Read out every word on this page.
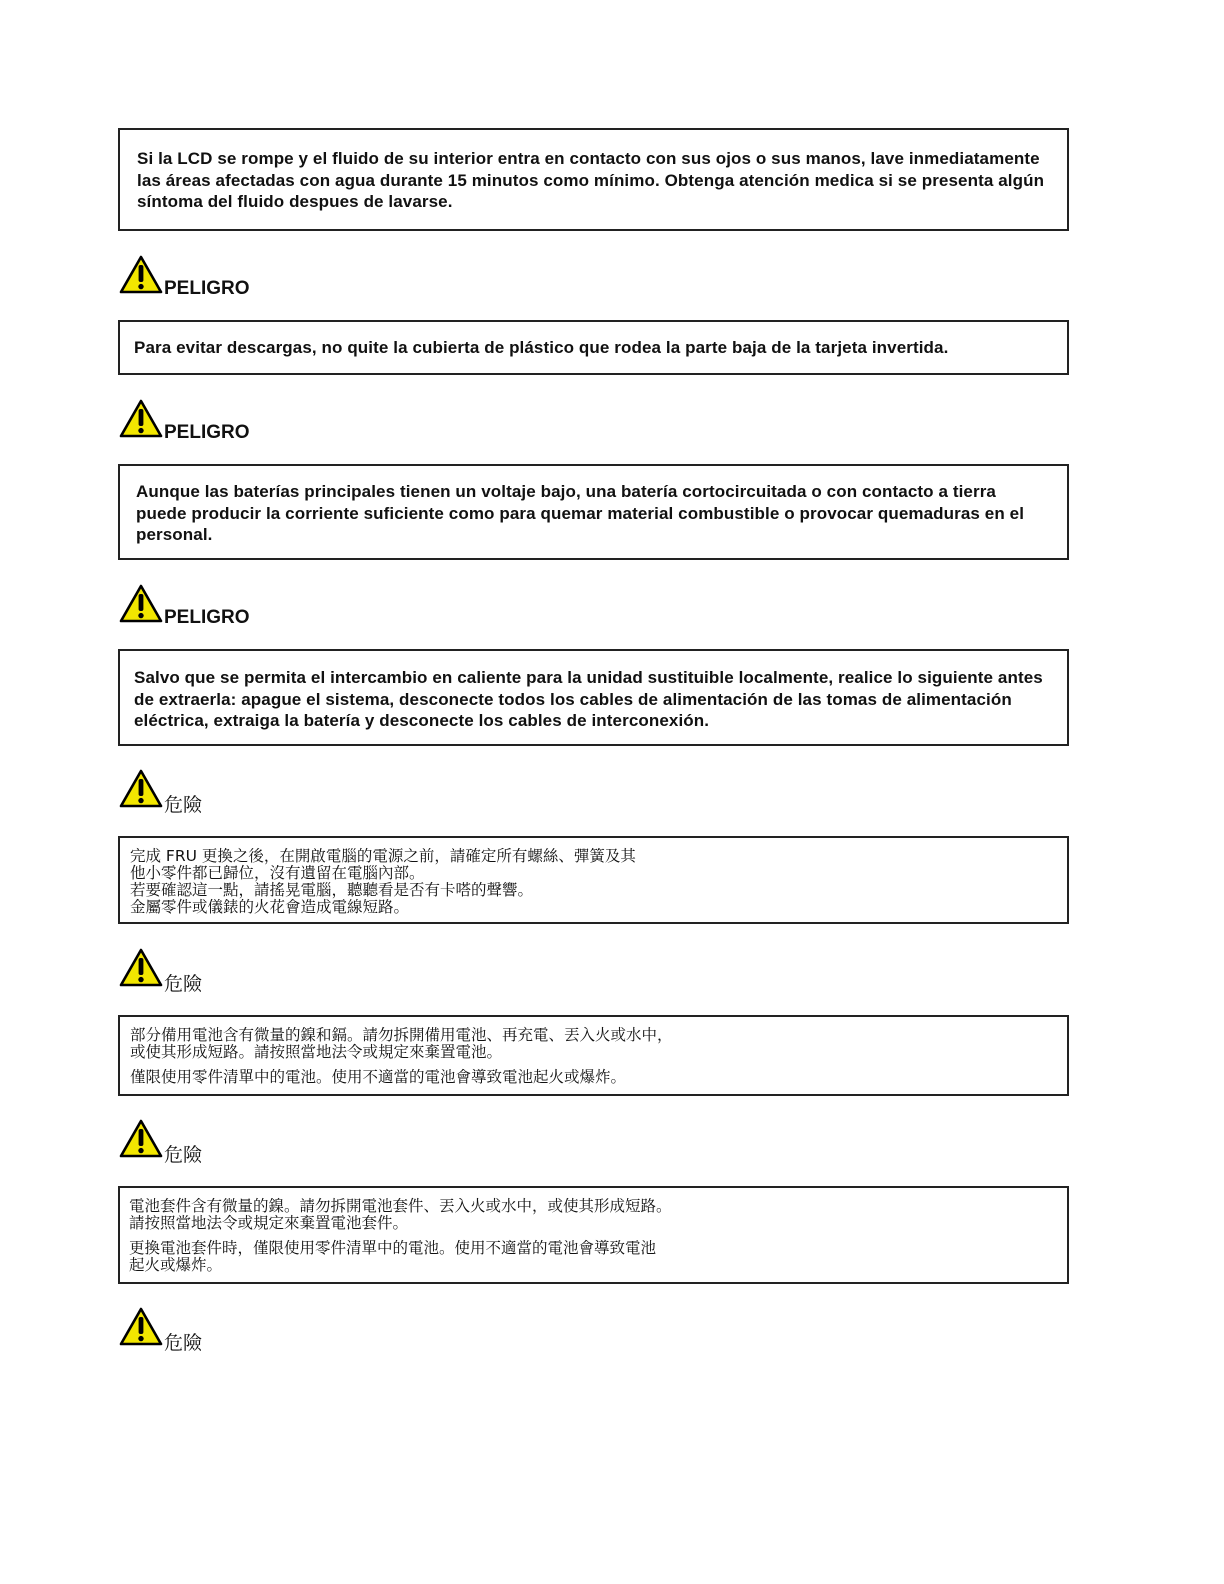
Si la LCD se rompe y el fluido de su interior entra en contacto con sus ojos o sus manos, lave inmediatamente las áreas afectadas con agua durante 15 minutos como mínimo. Obtenga atención medica si se presenta algún síntoma del fluido despues de lavarse.
PELIGRO
Para evitar descargas, no quite la cubierta de plástico que rodea la parte baja de la tarjeta invertida.
PELIGRO
Aunque las baterías principales tienen un voltaje bajo, una batería cortocircuitada o con contacto a tierra puede producir la corriente suficiente como para quemar material combustible o provocar quemaduras en el personal.
PELIGRO
Salvo que se permita el intercambio en caliente para la unidad sustituible localmente, realice lo siguiente antes de extraerla: apague el sistema, desconecte todos los cables de alimentación de las tomas de alimentación eléctrica, extraiga la batería y desconecte los cables de interconexión.
危險

完成 FRU 更換之後，在開啟電腦的電源之前，請確定所有螺絲、彈簧及其

他小零件都已歸位，沒有遺留在電腦內部。

若要確認這一點，請搖晃電腦，聽聽看是否有卡嗒的聲響。

金屬零件或儀錶的火花會造成電線短路。

危險

部分備用電池含有微量的鎳和鎘。請勿拆開備用電池、再充電、丟入火或水中，

或使其形成短路。請按照當地法令或規定來棄置電池。

僅限使用零件清單中的電池。使用不適當的電池會導致電池起火或爆炸。

危險

電池套件含有微量的鎳。請勿拆開電池套件、丟入火或水中，或使其形成短路。

請按照當地法令或規定來棄置電池套件。

更換電池套件時，僅限使用零件清單中的電池。使用不適當的電池會導致電池

起火或爆炸。

危險
